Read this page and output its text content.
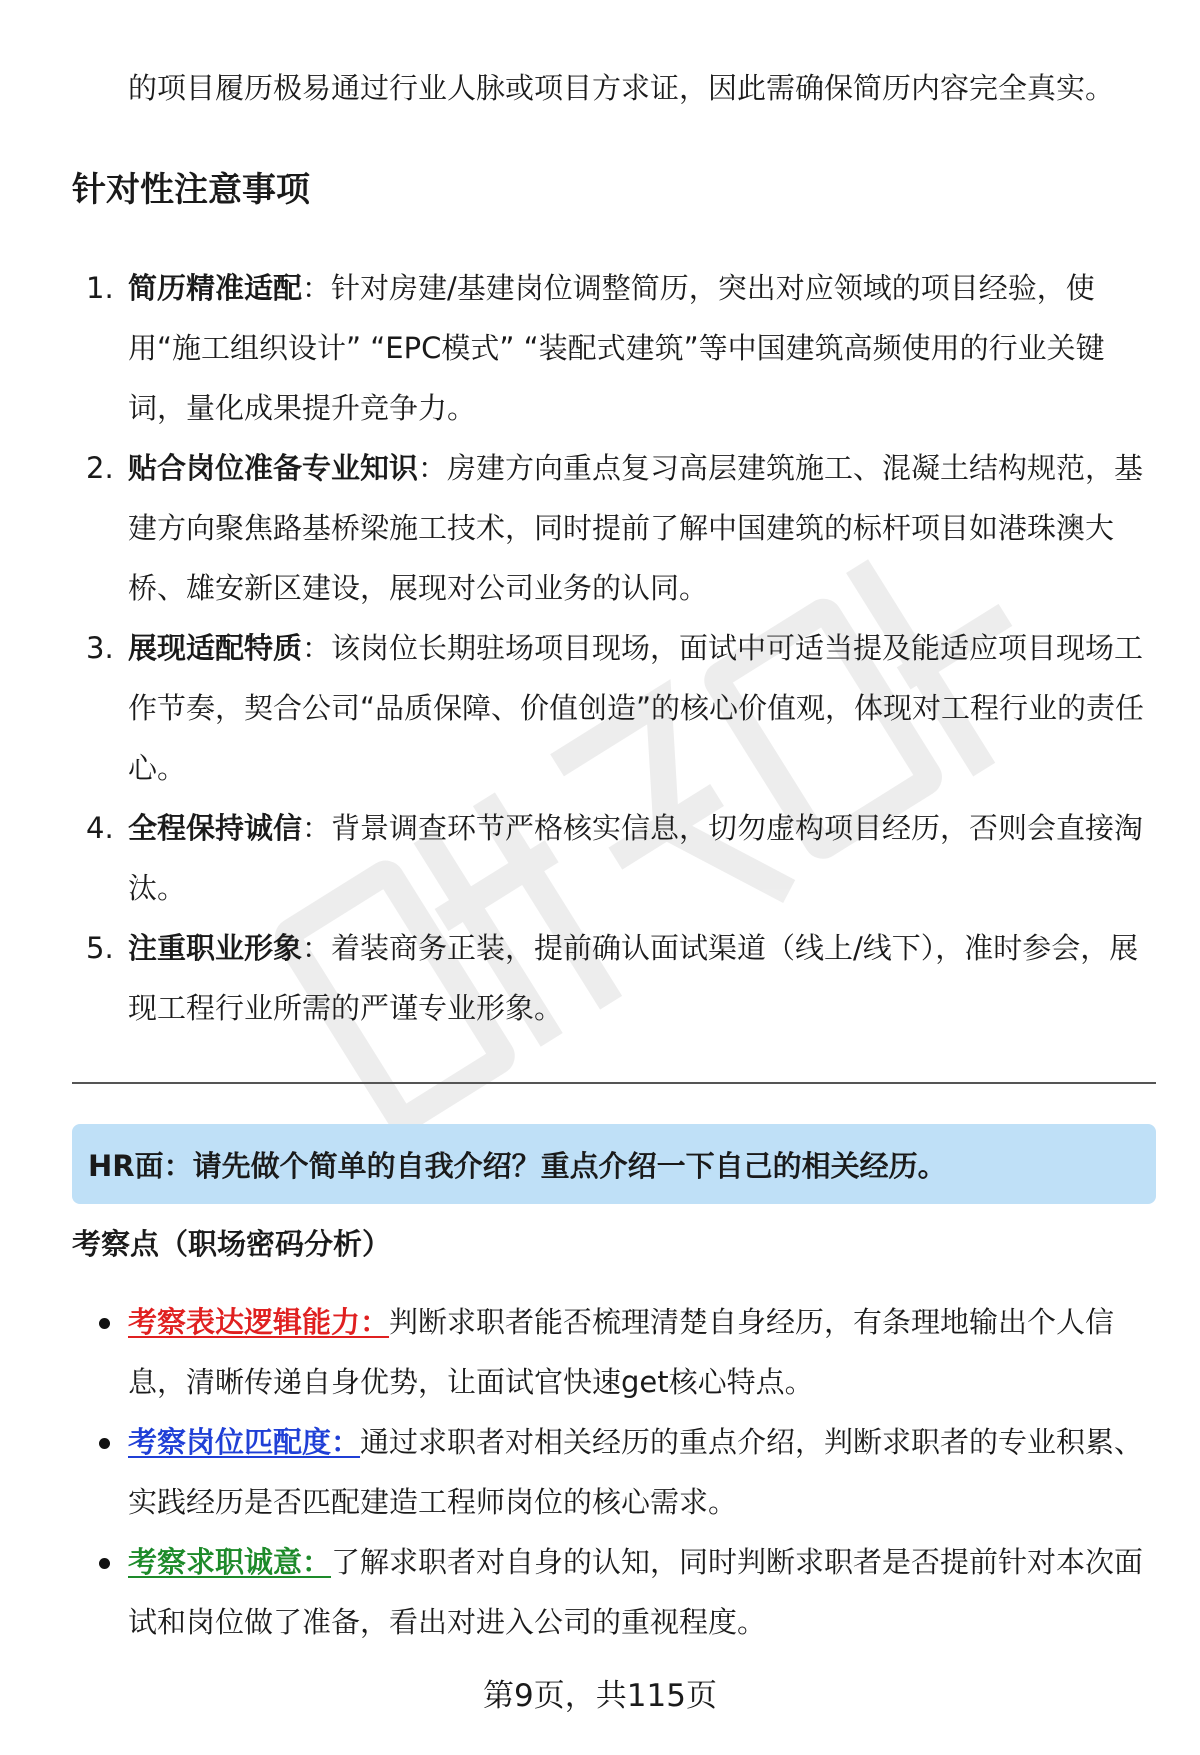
的项目履历极易通过行业人脉或项目方求证，因此需确保简历内容完全真实。
针对性注意事项
1. 简历精准适配：针对房建/基建岗位调整简历，突出对应领域的项目经验，使用“施工组织设计” “EPC模式” “装配式建筑”等中国建筑高频使用的行业关键词，量化成果提升竞争力。
2. 贴合岗位准备专业知识：房建方向重点复习高层建筑施工、混凝土结构规范，基建方向聚焦路基桥梁施工技术，同时提前了解中国建筑的标杆项目如港珠澳大桥、雄安新区建设，展现对公司业务的认同。
3. 展现适配特质：该岗位长期驻场项目现场，面试中可适当提及能适应项目现场工作节奏，契合公司“品质保障、价值创造”的核心价值观，体现对工程行业的责任心。
4. 全程保持诚信：背景调查环节严格核实信息，切勿虚构项目经历，否则会直接淘汰。
5. 注重职业形象：着装商务正装，提前确认面试渠道（线上/线下），准时参会，展现工程行业所需的严谨专业形象。
HR面：请先做个简单的自我介绍？重点介绍一下自己的相关经历。
考察点（职场密码分析）
考察表达逻辑能力：判断求职者能否梳理清楚自身经历，有条理地输出个人信息，清晰传递自身优势，让面试官快速get核心特点。
考察岗位匹配度：通过求职者对相关经历的重点介绍，判断求职者的专业积累、实践经历是否匹配建造工程师岗位的核心需求。
考察求职诚意：了解求职者对自身的认知，同时判断求职者是否提前针对本次面试和岗位做了准备，看出对进入公司的重视程度。
第9页，共115页
